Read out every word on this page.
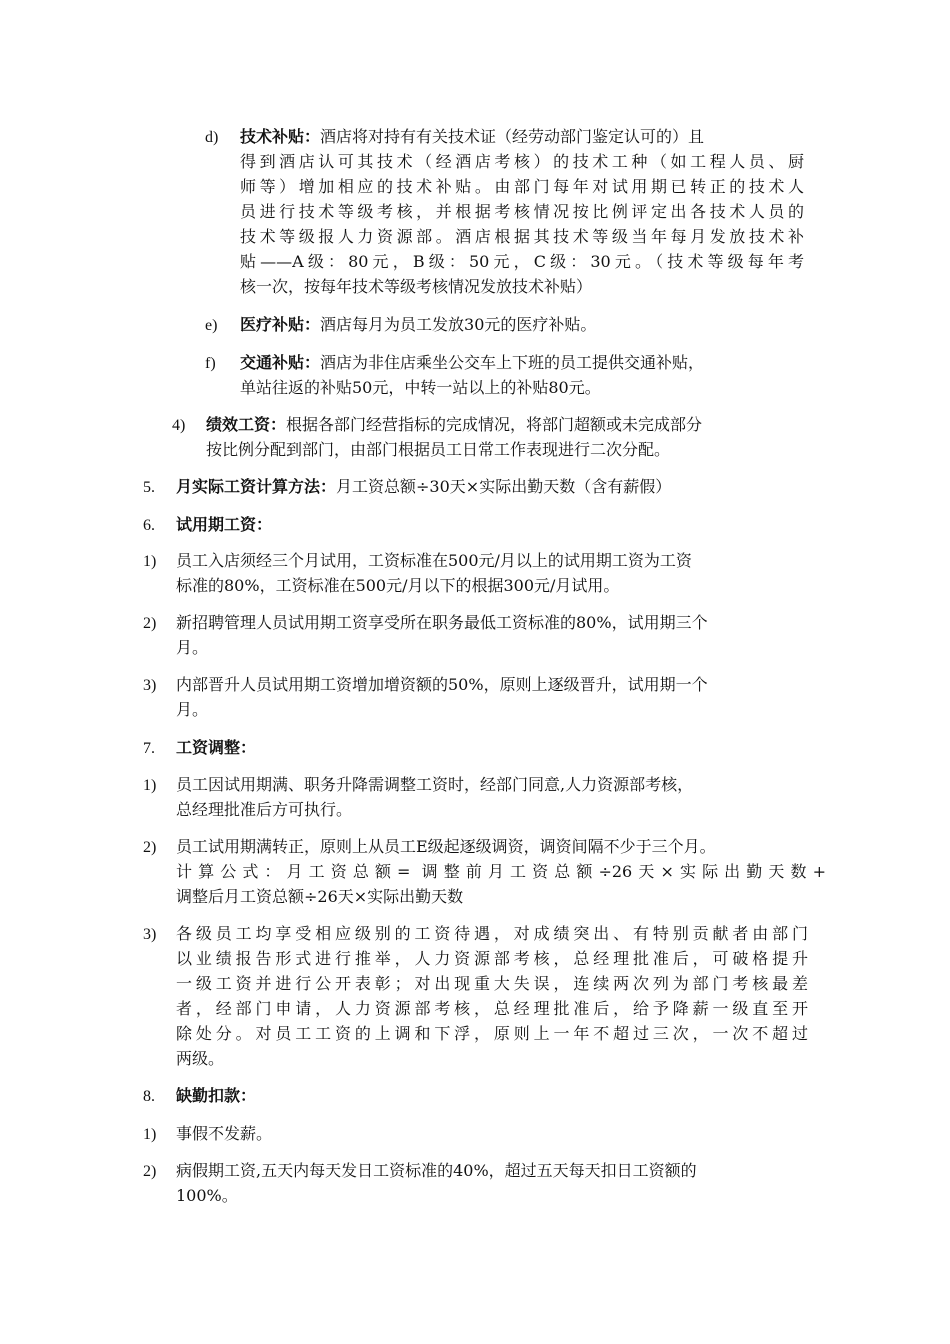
d) 技术补贴：酒店将对持有有关技术证（经劳动部门鉴定认可的）且
得到酒店认可其技术（经酒店考核）的技术工种（如工程人员、厨
师等）增加相应的技术补贴。由部门每年对试用期已转正的技术人
员进行技术等级考核，并根据考核情况按比例评定出各技术人员的
技术等级报人力资源部。酒店根据其技术等级当年每月发放技术补
贴——A级：80元，B级：50元，C级：30元。（技术等级每年考
核一次，按每年技术等级考核情况发放技术补贴）
e) 医疗补贴：酒店每月为员工发放30元的医疗补贴。
f) 交通补贴：酒店为非住店乘坐公交车上下班的员工提供交通补贴，
单站往返的补贴50元，中转一站以上的补贴80元。
4) 绩效工资：根据各部门经营指标的完成情况，将部门超额或未完成部分
按比例分配到部门，由部门根据员工日常工作表现进行二次分配。
5. 月实际工资计算方法：月工资总额÷30天×实际出勤天数（含有薪假）
6. 试用期工资：
1) 员工入店须经三个月试用，工资标准在500元/月以上的试用期工资为工资
标准的80%，工资标准在500元/月以下的根据300元/月试用。
2) 新招聘管理人员试用期工资享受所在职务最低工资标准的80%，试用期三个
月。
3) 内部晋升人员试用期工资增加增资额的50%，原则上逐级晋升，试用期一个
月。
7. 工资调整：
1) 员工因试用期满、职务升降需调整工资时，经部门同意,人力资源部考核，
总经理批准后方可执行。
2) 员工试用期满转正，原则上从员工E级起逐级调资，调资间隔不少于三个月。
计算公式：月工资总额= 调整前月工资总额÷26天×实际出勤天数+
调整后月工资总额÷26天×实际出勤天数
3) 各级员工均享受相应级别的工资待遇，对成绩突出、有特别贡献者由部门
以业绩报告形式进行推举，人力资源部考核，总经理批准后，可破格提升
一级工资并进行公开表彰；对出现重大失误，连续两次列为部门考核最差
者，经部门申请，人力资源部考核，总经理批准后，给予降薪一级直至开
除处分。对员工工资的上调和下浮，原则上一年不超过三次，一次不超过
两级。
8. 缺勤扣款：
1) 事假不发薪。
2) 病假期工资,五天内每天发日工资标准的40%，超过五天每天扣日工资额的
100%。
